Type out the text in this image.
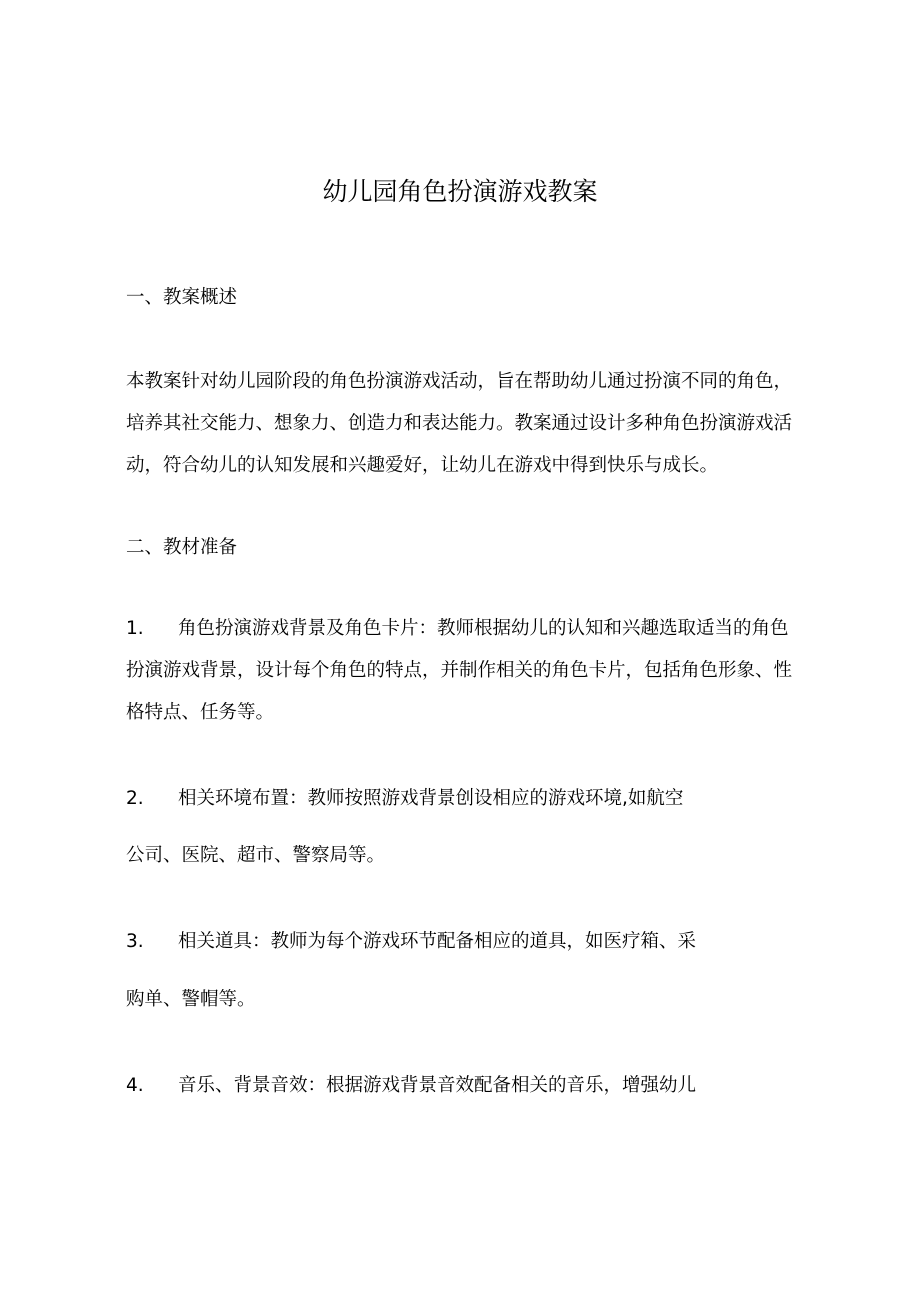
幼儿园角色扮演游戏教案

一、教案概述

本教案针对幼儿园阶段的角色扮演游戏活动，旨在帮助幼儿通过扮演不同的角色，培养其社交能力、想象力、创造力和表达能力。教案通过设计多种角色扮演游戏活动，符合幼儿的认知发展和兴趣爱好，让幼儿在游戏中得到快乐与成长。

二、教材准备

1. 角色扮演游戏背景及角色卡片：教师根据幼儿的认知和兴趣选取适当的角色扮演游戏背景，设计每个角色的特点，并制作相关的角色卡片，包括角色形象、性格特点、任务等。
2. 相关环境布置：教师按照游戏背景创设相应的游戏环境,如航空

公司、医院、超市、警察局等。

3. 相关道具：教师为每个游戏环节配备相应的道具，如医疗箱、采

购单、警帽等。

4. 音乐、背景音效：根据游戏背景音效配备相关的音乐，增强幼儿
